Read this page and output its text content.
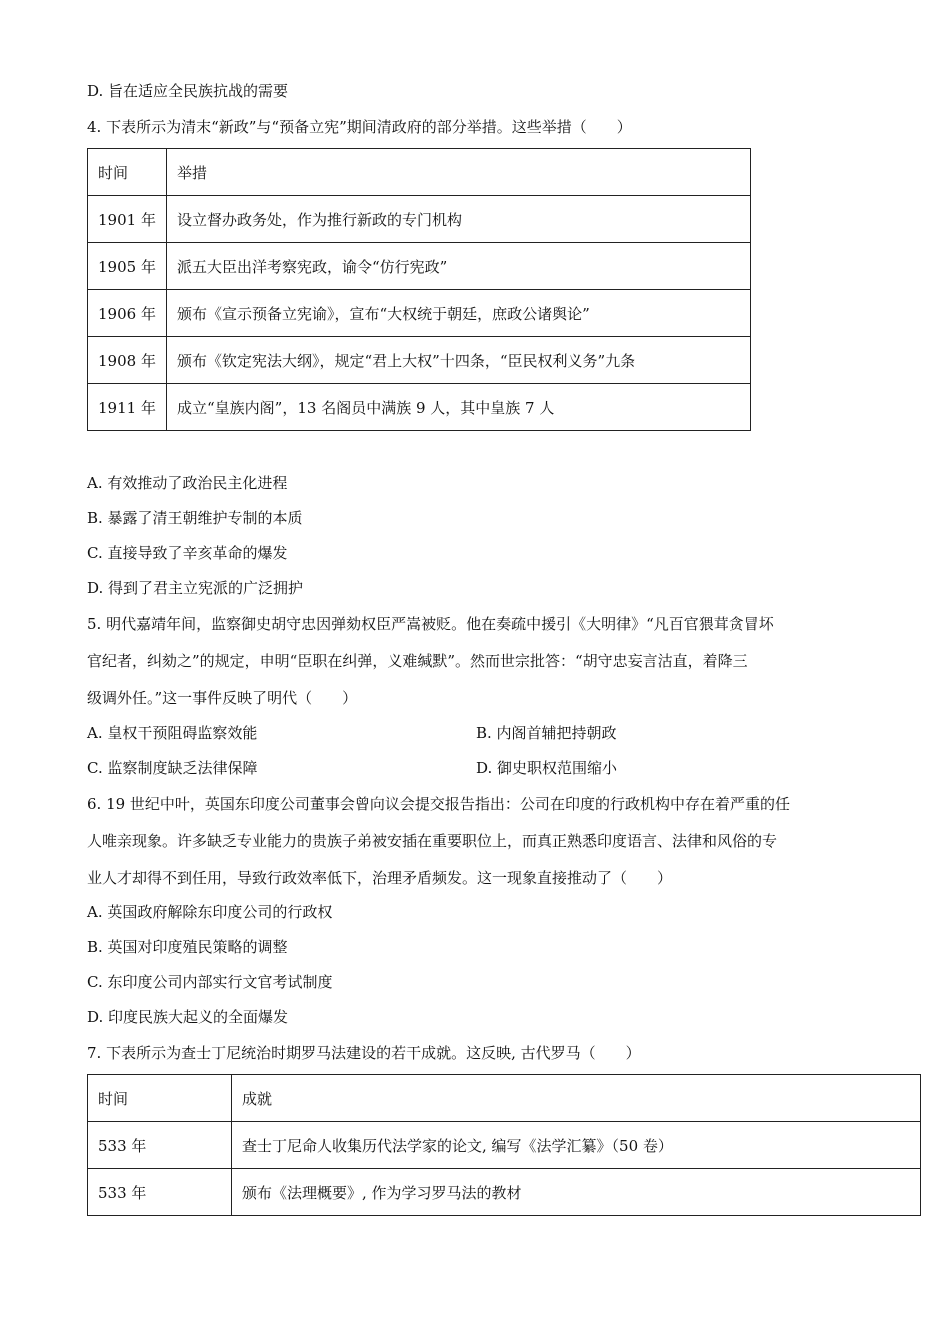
D. 旨在适应全民族抗战的需要
4. 下表所示为清末“新政”与“预备立宪”期间清政府的部分举措。这些举措（　　）
时间	举措
1901 年	设立督办政务处，作为推行新政的专门机构
1905 年	派五大臣出洋考察宪政，谕令“仿行宪政”
1906 年	颁布《宣示预备立宪谕》，宣布“大权统于朝廷，庶政公诸舆论”
1908 年	颁布《钦定宪法大纲》，规定“君上大权”十四条，“臣民权利义务”九条
1911 年	成立“皇族内阁”，13 名阁员中满族 9 人，其中皇族 7 人
A. 有效推动了政治民主化进程
B. 暴露了清王朝维护专制的本质
C. 直接导致了辛亥革命的爆发
D. 得到了君主立宪派的广泛拥护
5. 明代嘉靖年间，监察御史胡守忠因弹劾权臣严嵩被贬。他在奏疏中援引《大明律》“凡百官猥茸贪冒坏
官纪者，纠劾之”的规定，申明“臣职在纠弹，义难缄默”。然而世宗批答：“胡守忠妄言沽直，着降三
级调外任。”这一事件反映了明代（　　）
A. 皇权干预阻碍监察效能	B. 内阁首辅把持朝政
C. 监察制度缺乏法律保障	D. 御史职权范围缩小
6. 19 世纪中叶，英国东印度公司董事会曾向议会提交报告指出：公司在印度的行政机构中存在着严重的任
人唯亲现象。许多缺乏专业能力的贵族子弟被安插在重要职位上，而真正熟悉印度语言、法律和风俗的专
业人才却得不到任用，导致行政效率低下，治理矛盾频发。这一现象直接推动了（　　）
A. 英国政府解除东印度公司的行政权
B. 英国对印度殖民策略的调整
C. 东印度公司内部实行文官考试制度
D. 印度民族大起义的全面爆发
7. 下表所示为查士丁尼统治时期罗马法建设的若干成就。这反映, 古代罗马（　　）
时间	成就
533 年	查士丁尼命人收集历代法学家的论文, 编写《法学汇纂》（50 卷）
533 年	颁布《法理概要》, 作为学习罗马法的教材
